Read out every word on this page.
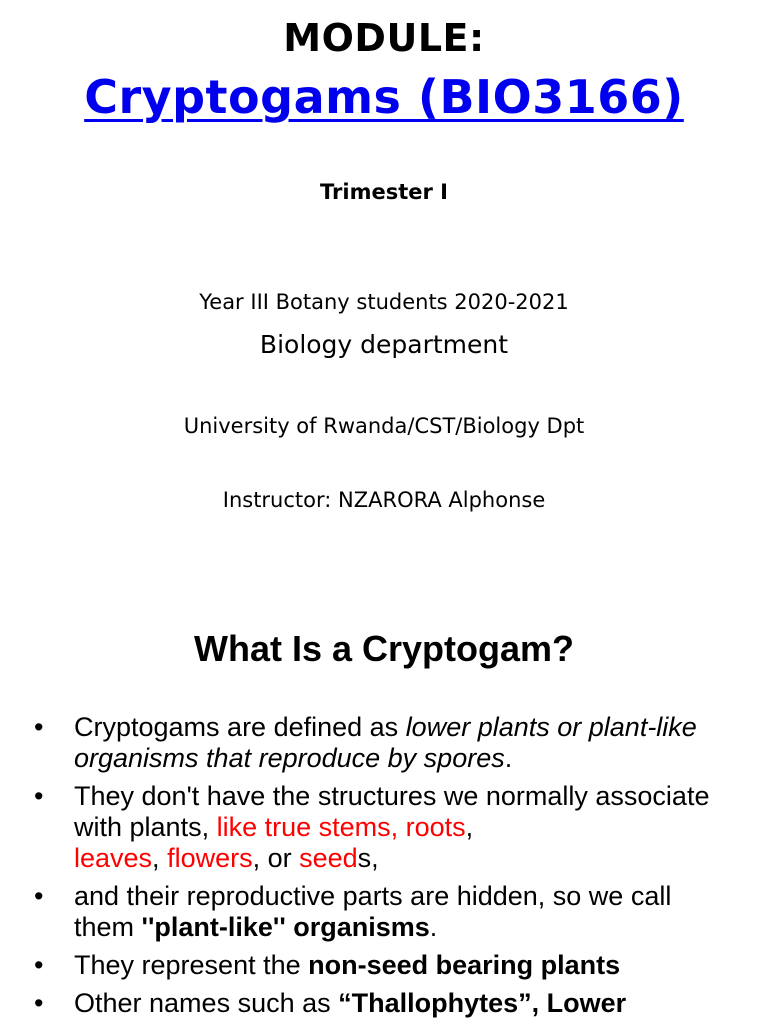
MODULE:
Cryptogams (BIO3166)
Trimester I
Year III Botany students 2020-2021
Biology department
University of Rwanda/CST/Biology Dpt
Instructor: NZARORA Alphonse
What Is a Cryptogam?
• Cryptogams are defined as lower plants or plant-like organisms that reproduce by spores.
• They don't have the structures we normally associate with plants, like true stems, roots,
leaves, flowers, or seeds,
• and their reproductive parts are hidden, so we call them ''plant-like'' organisms.
• They represent the non-seed bearing plants
• Other names such as “Thallophytes”, Lower
